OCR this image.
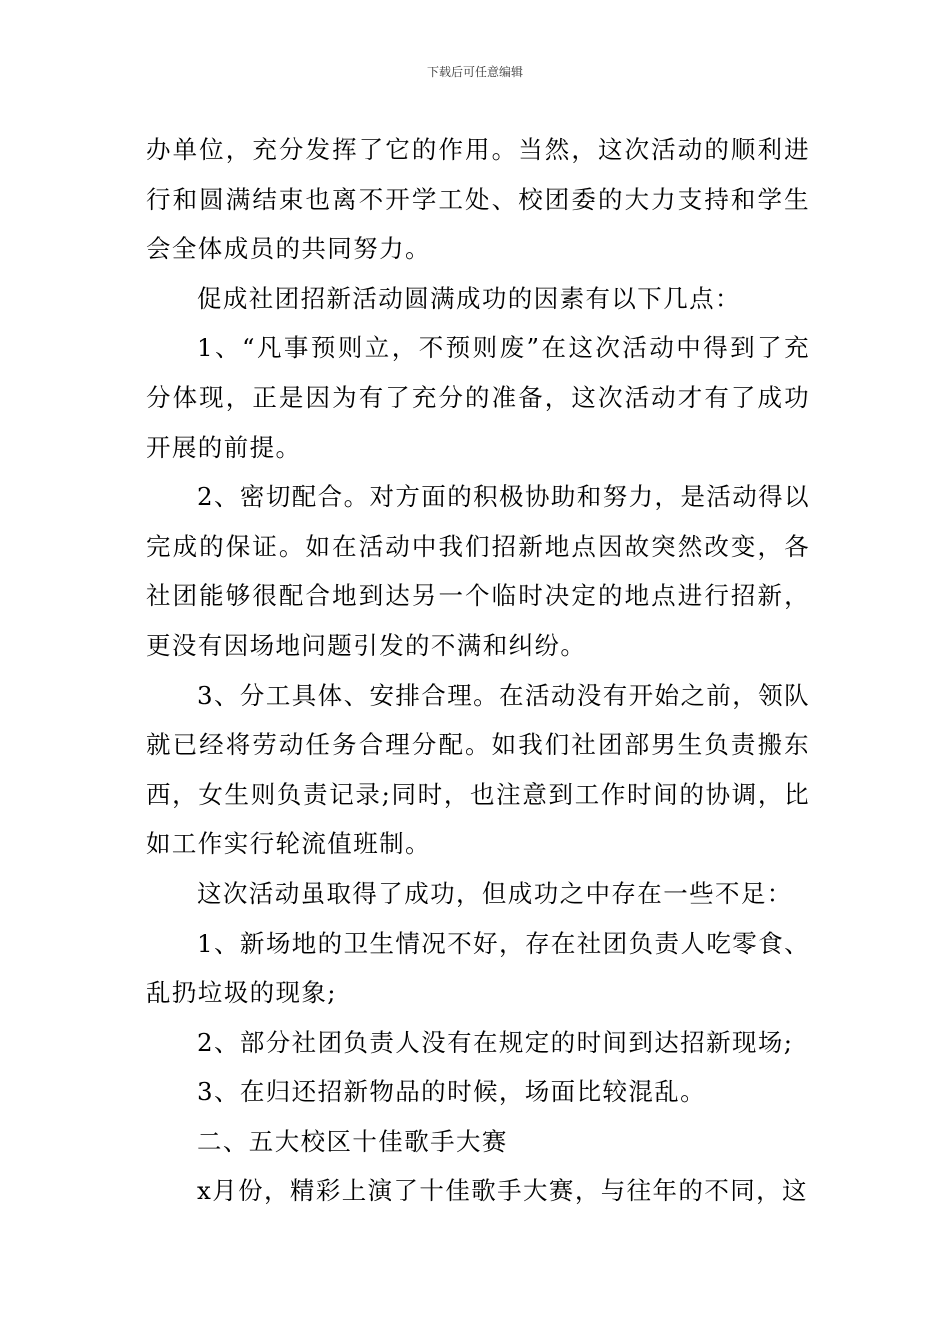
下载后可任意编辑

办单位，充分发挥了它的作用。当然，这次活动的顺利进行和圆满结束也离不开学工处、校团委的大力支持和学生会全体成员的共同努力。

促成社团招新活动圆满成功的因素有以下几点：

1、“凡事预则立，不预则废”在这次活动中得到了充分体现，正是因为有了充分的准备，这次活动才有了成功开展的前提。

2、密切配合。对方面的积极协助和努力，是活动得以完成的保证。如在活动中我们招新地点因故突然改变，各社团能够很配合地到达另一个临时决定的地点进行招新，更没有因场地问题引发的不满和纠纷。

3、分工具体、安排合理。在活动没有开始之前，领队就已经将劳动任务合理分配。如我们社团部男生负责搬东西，女生则负责记录;同时，也注意到工作时间的协调，比如工作实行轮流值班制。

这次活动虽取得了成功，但成功之中存在一些不足：

1、新场地的卫生情况不好，存在社团负责人吃零食、乱扔垃圾的现象;

2、部分社团负责人没有在规定的时间到达招新现场;

3、在归还招新物品的时候，场面比较混乱。

二、五大校区十佳歌手大赛

x月份，精彩上演了十佳歌手大赛，与往年的不同，这
